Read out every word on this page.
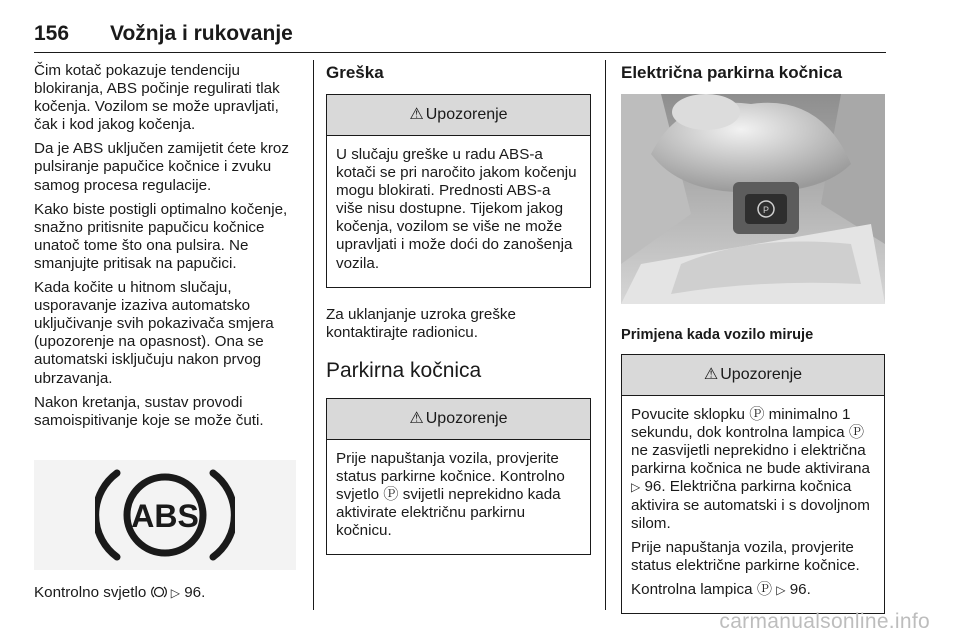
156 Vožnja i rukovanje

Čim kotač pokazuje tendenciju blokiranja, ABS počinje regulirati tlak kočenja. Vozilom se može upravljati, čak i kod jakog kočenja.

Da je ABS uključen zamijetit ćete kroz pulsiranje papučice kočnice i zvuku samog procesa regulacije.

Kako biste postigli optimalno kočenje, snažno pritisnite papučicu kočnice unatoč tome što ona pulsira. Ne smanjujte pritisak na papučici.

Kada kočite u hitnom slučaju, usporavanje izaziva automatsko uključivanje svih pokazivača smjera (upozorenje na opasnost). Ona se automatski isključuju nakon prvog ubrzavanja.

Nakon kretanja, sustav provodi samoispitivanje koje se može čuti.

ABS

Kontrolno svjetlo ▷ 96.

Greška
⚠ Upozorenje

U slučaju greške u radu ABS-a kotači se pri naročito jakom kočenju mogu blokirati. Prednosti ABS-a više nisu dostupne. Tijekom jakog kočenja, vozilom se više ne može upravljati i može doći do zanošenja vozila.

Za uklanjanje uzroka greške kontaktirajte radionicu.

Parkirna kočnica
⚠ Upozorenje

Prije napuštanja vozila, provjerite status parkirne kočnice. Kontrolno svjetlo Ⓟ svijetli neprekidno kada aktivirate električnu parkirnu kočnicu.

Električna parkirna kočnica
P
Primjena kada vozilo miruje
⚠ Upozorenje

Povucite sklopku Ⓟ minimalno 1 sekundu, dok kontrolna lampica Ⓟ ne zasvijetli neprekidno i električna parkirna kočnica ne bude aktivirana ▷ 96. Električna parkirna kočnica aktivira se automatski i s dovoljnom silom.

Prije napuštanja vozila, provjerite status električne parkirne kočnice.

Kontrolna lampica Ⓟ ▷ 96.

carmanualsonline.info
